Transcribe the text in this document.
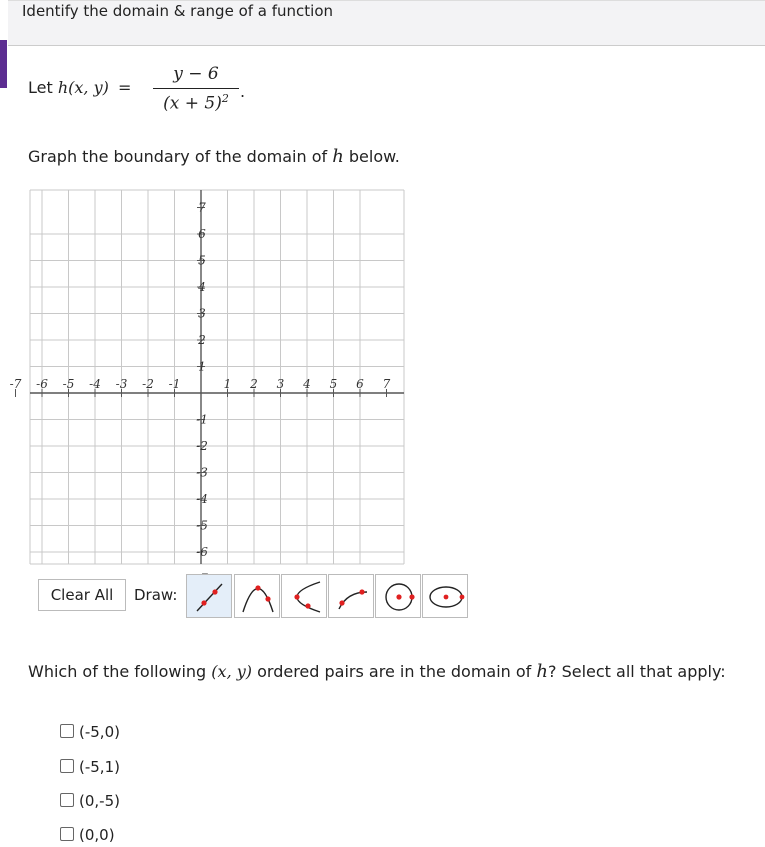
Identify the domain & range of a function
Let h(x, y) =
y − 6
$(x + 5)^2$ .
Graph the boundary of the domain of h below.
-7 -6 -5 -4 -3 -2 -1	1 2 3 4 5 6 7
7
6
5
4
3
2
1
-1
-2
-3
-4
-5
-6
Clear All	Draw:
Which of the following (x, y) ordered pairs are in the domain of h? Select all that apply:
(-5,0)
(-5,1)
(0,-5)
(0,0)
